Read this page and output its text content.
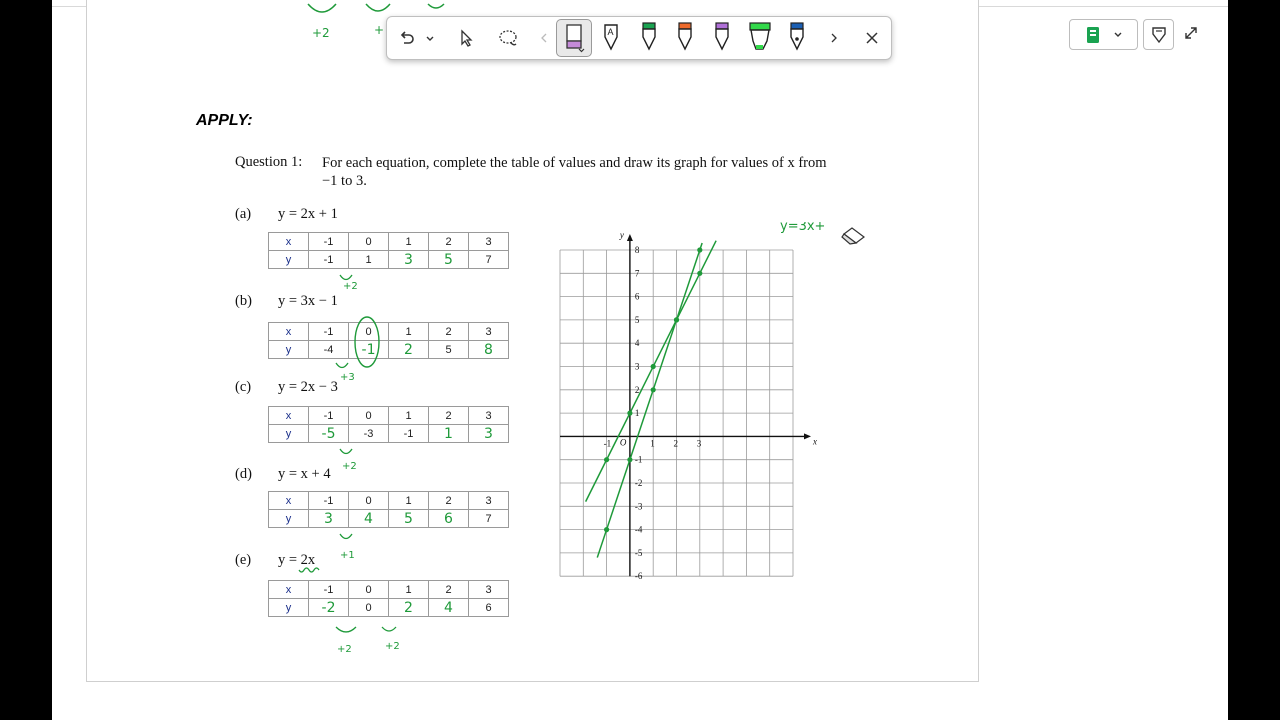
+2	+	A
APPLY:
Question 1: For each equation, complete the table of values and draw its graph for values of x from −1 to 3.
(a) y = 2x + 1
x	-1	0	1	2	3
y	-1	1	3	5	7
+2
(b) y = 3x − 1
x	-1	0	1	2	3
y	-4	-1	2	5	8
+3
(c) y = 2x − 3
x	-1	0	1	2	3
y	-5	-3	-1	1	3
+2
(d) y = x + 4
x	-1	0	1	2	3
y	3	4	5	6	7
+1
(e) y = 2x
x	-1	0	1	2	3
y	-2	0	2	4	6
+2	+2
x
y
O
-1	1 2 3
8
7
6
5
4
3
2
1
-1
-2
-3
-4
-5
-6
y=3x+
